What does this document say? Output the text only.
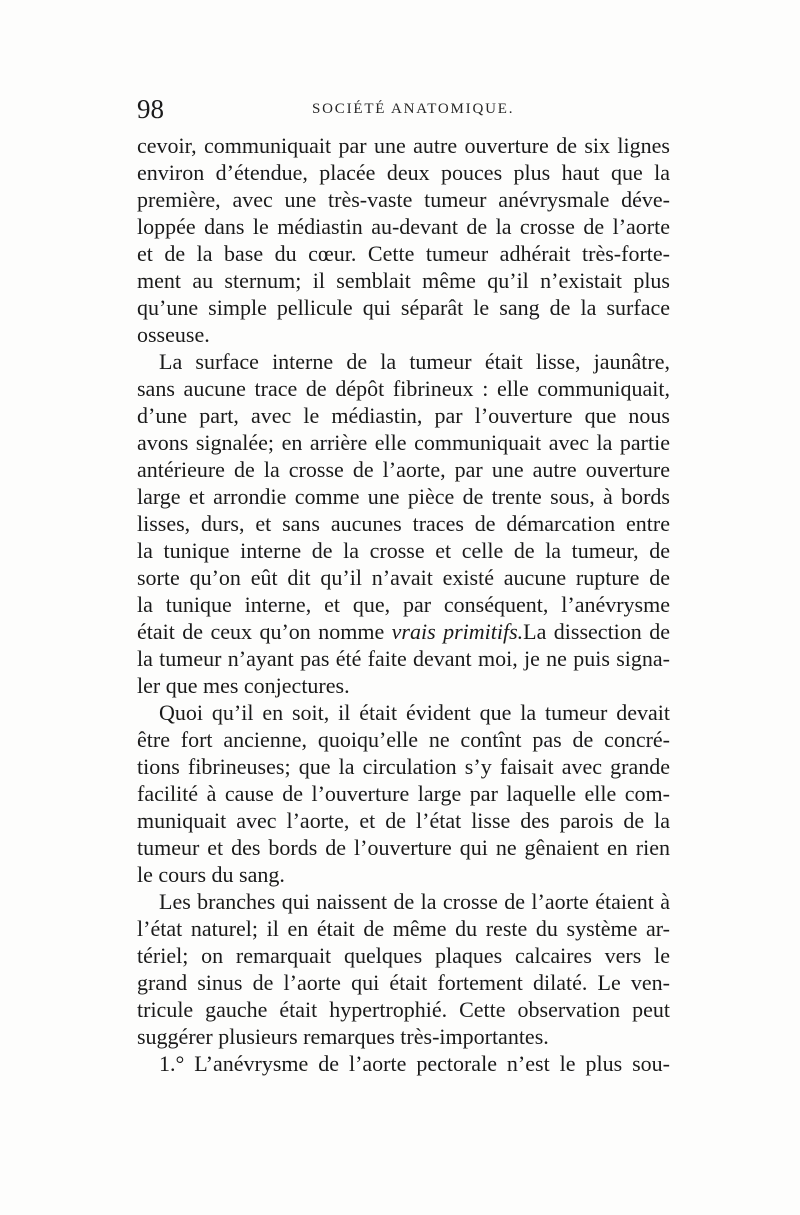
98	SOCIÉTÉ ANATOMIQUE.
cevoir, communiquait par une autre ouverture de six lignes
environ d’étendue, placée deux pouces plus haut que la
première, avec une très-vaste tumeur anévrysmale déve-
loppée dans le médiastin au-devant de la crosse de l’aorte
et de la base du cœur. Cette tumeur adhérait très-forte-
ment au sternum; il semblait même qu’il n’existait plus
qu’une simple pellicule qui séparât le sang de la surface
osseuse.
La surface interne de la tumeur était lisse, jaunâtre,
sans aucune trace de dépôt fibrineux : elle communiquait,
d’une part, avec le médiastin, par l’ouverture que nous
avons signalée; en arrière elle communiquait avec la partie
antérieure de la crosse de l’aorte, par une autre ouverture
large et arrondie comme une pièce de trente sous, à bords
lisses, durs, et sans aucunes traces de démarcation entre
la tunique interne de la crosse et celle de la tumeur, de
sorte qu’on eût dit qu’il n’avait existé aucune rupture de
la tunique interne, et que, par conséquent, l’anévrysme
était de ceux qu’on nomme vrais primitifs.La dissection de
la tumeur n’ayant pas été faite devant moi, je ne puis signa-
ler que mes conjectures.
Quoi qu’il en soit, il était évident que la tumeur devait
être fort ancienne, quoiqu’elle ne contînt pas de concré-
tions fibrineuses; que la circulation s’y faisait avec grande
facilité à cause de l’ouverture large par laquelle elle com-
muniquait avec l’aorte, et de l’état lisse des parois de la
tumeur et des bords de l’ouverture qui ne gênaient en rien
le cours du sang.
Les branches qui naissent de la crosse de l’aorte étaient à
l’état naturel; il en était de même du reste du système ar-
tériel; on remarquait quelques plaques calcaires vers le
grand sinus de l’aorte qui était fortement dilaté. Le ven-
tricule gauche était hypertrophié. Cette observation peut
suggérer plusieurs remarques très-importantes.
1.° L’anévrysme de l’aorte pectorale n’est le plus sou-
